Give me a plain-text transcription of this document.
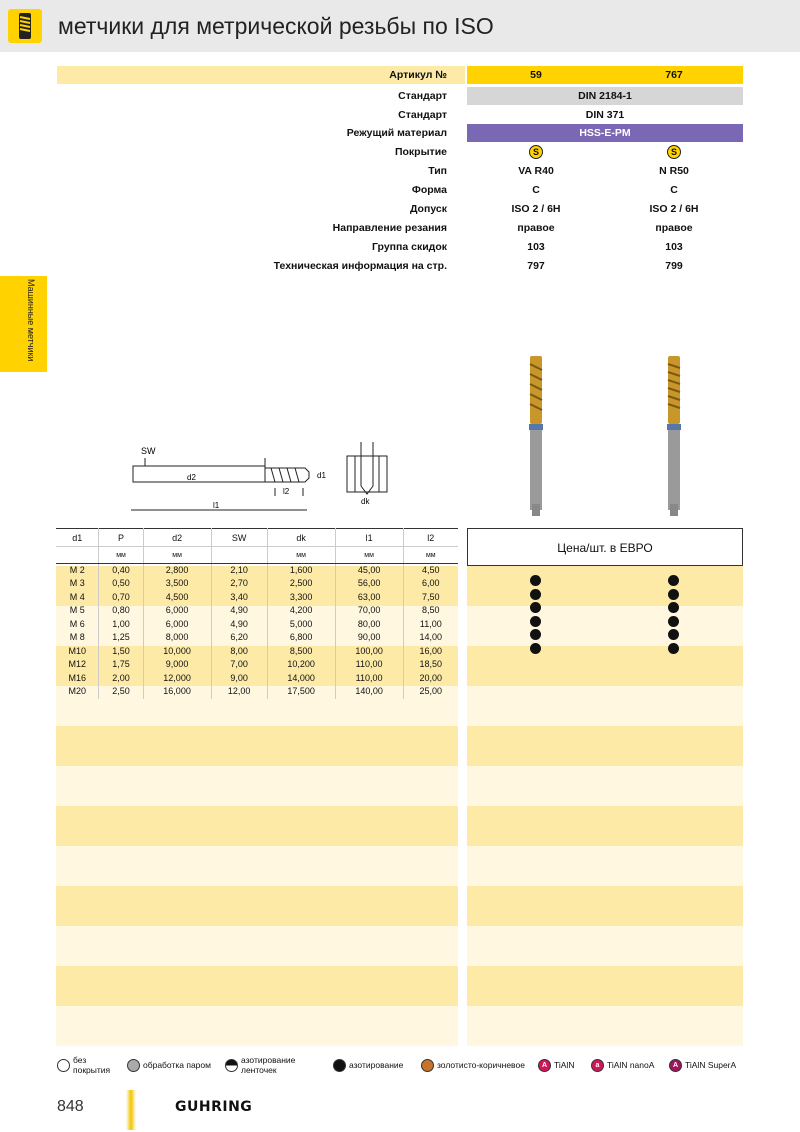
метчики для метрической резьбы по ISO
Машинные метчики
Артикул №	59	767
Стандарт	DIN 2184-1
Стандарт	DIN 371
Режущий материал	HSS-E-PM
Покрытие	S	S
Тип	VA R40	N R50
Форма	C	C
Допуск	ISO 2 / 6H	ISO 2 / 6H
Направление резания	правое	правое
Группа скидок	103	103
Техническая информация на стр.	797	799
SW
d2	d1
l1
l2
dk
d1	P	d2	SW	dk	l1	l2
	мм	мм		мм	мм	мм
M 2	0,40	2,800	2,10	1,600	45,00	4,50
M 3	0,50	3,500	2,70	2,500	56,00	6,00
M 4	0,70	4,500	3,40	3,300	63,00	7,50
M 5	0,80	6,000	4,90	4,200	70,00	8,50
M 6	1,00	6,000	4,90	5,000	80,00	11,00
M 8	1,25	8,000	6,20	6,800	90,00	14,00
M10	1,50	10,000	8,00	8,500	100,00	16,00
M12	1,75	9,000	7,00	10,200	110,00	18,50
M16	2,00	12,000	9,00	14,000	110,00	20,00
M20	2,50	16,000	12,00	17,500	140,00	25,00
Цена/шт. в ЕВРО
без
покрытия	обработка паром	азотирование
ленточек	азотирование	золотисто-коричневое	A TiAlN	a TiAlN nanoA	A TiAlN SuperA
848	GUHRING
